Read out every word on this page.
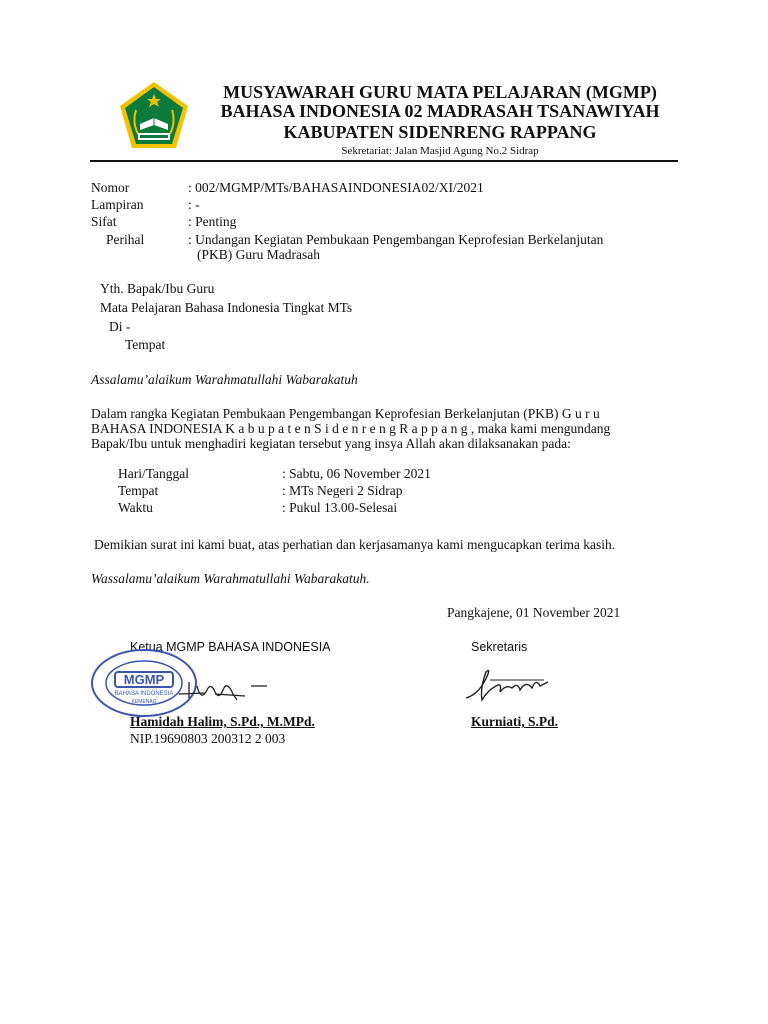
MUSYAWARAH GURU MATA PELAJARAN (MGMP)
BAHASA INDONESIA 02 MADRASAH TSANAWIYAH
KABUPATEN SIDENRENG RAPPANG
Sekretariat: Jalan Masjid Agung No.2 Sidrap
Nomor	: 002/MGMP/MTs/BAHASAINDONESIA02/XI/2021
Lampiran	: -
Sifat	: Penting
Perihal	: Undangan Kegiatan Pembukaan Pengembangan Keprofesian Berkelanjutan
(PKB) Guru Madrasah
Yth. Bapak/Ibu Guru
Mata Pelajaran Bahasa Indonesia Tingkat MTs
Di -
Tempat
Assalamu’alaikum Warahmatullahi Wabarakatuh
Dalam rangka Kegiatan Pembukaan Pengembangan Keprofesian Berkelanjutan (PKB) G u r u
BAHASA INDONESIA K a b u p a t e n S i d e n r e n g R a p p a n g , maka kami mengundang
Bapak/Ibu untuk menghadiri kegiatan tersebut yang insya Allah akan dilaksanakan pada:
Hari/Tanggal	: Sabtu, 06 November 2021
Tempat	: MTs Negeri 2 Sidrap
Waktu	: Pukul 13.00-Selesai
Demikian surat ini kami buat, atas perhatian dan kerjasamanya kami mengucapkan terima kasih.
Wassalamu’alaikum Warahmatullahi Wabarakatuh.
Pangkajene, 01 November 2021
Ketua MGMP BAHASA INDONESIA	Sekretaris
MGMP
BAHASA INDONESIA
KEMENAG
Hamidah Halim, S.Pd., M.MPd.
NIP.19690803 200312 2 003
Kurniati, S.Pd.
